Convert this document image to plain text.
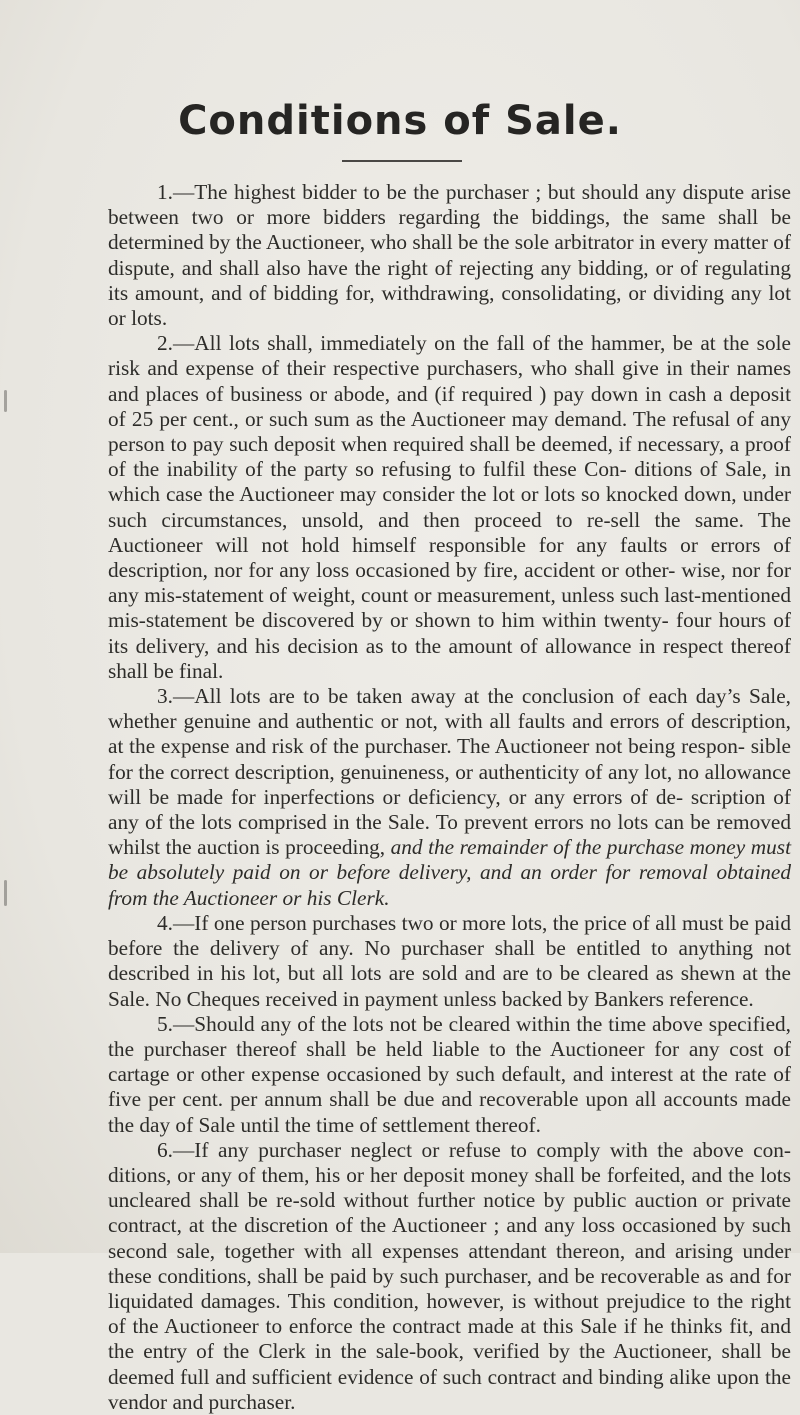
Conditions of Sale.

1.—The highest bidder to be the purchaser ; but should any dispute arise between two or more bidders regarding the biddings, the same shall be determined by the Auctioneer, who shall be the sole arbitrator in every matter of dispute, and shall also have the right of rejecting any bidding, or of regulating its amount, and of bidding for, withdrawing, consolidating, or dividing any lot or lots.

2.—All lots shall, immediately on the fall of the hammer, be at the sole risk and expense of their respective purchasers, who shall give in their names and places of business or abode, and (if required ) pay down in cash a deposit of 25 per cent., or such sum as the Auctioneer may demand. The refusal of any person to pay such deposit when required shall be deemed, if necessary, a proof of the inability of the party so refusing to fulfil these Con- ditions of Sale, in which case the Auctioneer may consider the lot or lots so knocked down, under such circumstances, unsold, and then proceed to re-sell the same. The Auctioneer will not hold himself responsible for any faults or errors of description, nor for any loss occasioned by fire, accident or other- wise, nor for any mis-statement of weight, count or measurement, unless such last-mentioned mis-statement be discovered by or shown to him within twenty- four hours of its delivery, and his decision as to the amount of allowance in respect thereof shall be final.

3.—All lots are to be taken away at the conclusion of each day’s Sale, whether genuine and authentic or not, with all faults and errors of description, at the expense and risk of the purchaser. The Auctioneer not being respon- sible for the correct description, genuineness, or authenticity of any lot, no allowance will be made for inperfections or deficiency, or any errors of de- scription of any of the lots comprised in the Sale. To prevent errors no lots can be removed whilst the auction is proceeding, and the remainder of the purchase money must be absolutely paid on or before delivery, and an order for removal obtained from the Auctioneer or his Clerk.

4.—If one person purchases two or more lots, the price of all must be paid before the delivery of any. No purchaser shall be entitled to anything not described in his lot, but all lots are sold and are to be cleared as shewn at the Sale. No Cheques received in payment unless backed by Bankers reference.

5.—Should any of the lots not be cleared within the time above specified, the purchaser thereof shall be held liable to the Auctioneer for any cost of cartage or other expense occasioned by such default, and interest at the rate of five per cent. per annum shall be due and recoverable upon all accounts made the day of Sale until the time of settlement thereof.

6.—If any purchaser neglect or refuse to comply with the above con- ditions, or any of them, his or her deposit money shall be forfeited, and the lots uncleared shall be re-sold without further notice by public auction or private contract, at the discretion of the Auctioneer ; and any loss occasioned by such second sale, together with all expenses attendant thereon, and arising under these conditions, shall be paid by such purchaser, and be recoverable as and for liquidated damages. This condition, however, is without prejudice to the right of the Auctioneer to enforce the contract made at this Sale if he thinks fit, and the entry of the Clerk in the sale-book, verified by the Auctioneer, shall be deemed full and sufficient evidence of such contract and binding alike upon the vendor and purchaser.
